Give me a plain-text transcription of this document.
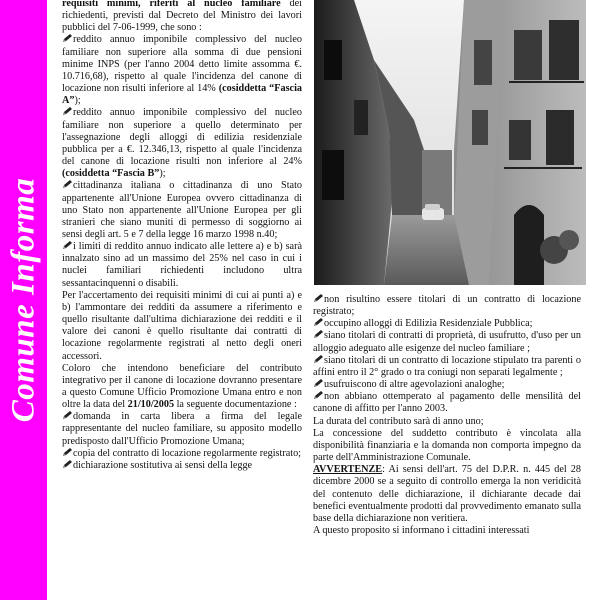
Comune Informa

requisiti minimi, riferiti al nucleo familiare dei richiedenti, previsti dal Decreto del Ministro dei lavori pubblici del 7-06-1999, che sono :

reddito annuo imponibile complessivo del nucleo familiare non superiore alla somma di due pensioni minime INPS (per l'anno 2004 detto limite assomma €. 10.716,68), rispetto al quale l'incidenza del canone di locazione non risulti inferiore al 14% (cosiddetta “Fascia A”);

reddito annuo imponibile complessivo del nucleo familiare non superiore a quello determinato per l'assegnazione degli alloggi di edilizia residenziale pubblica per a €. 12.346,13, rispetto al quale l'incidenza del canone di locazione risulti non inferiore al 24% (cosiddetta “Fascia B”);

cittadinanza italiana o cittadinanza di uno Stato appartenente all'Unione Europea ovvero cittadinanza di uno Stato non appartenente all'Unione Europea per gli stranieri che siano muniti di permesso di soggiorno ai sensi degli art. 5 e 7 della legge 16 marzo 1998 n.40;

i limiti di reddito annuo indicato alle lettere a) e b) sarà innalzato sino ad un massimo del 25% nel caso in cui i nuclei familiari richiedenti includono ultra sessantacinquenni o disabili.

Per l'accertamento dei requisiti minimi di cui ai punti a) e b) l'ammontare dei redditi da assumere a riferimento e quello risultante dall'ultima dichiarazione dei redditi e il valore dei canoni è quello risultante dai contratti di locazione regolarmente registrati al netto degli oneri accessori.

Coloro che intendono beneficiare del contributo integrativo per il canone di locazione dovranno presentare a questo Comune Ufficio Promozione Umana entro e non oltre la data del 21/10/2005 la seguente documentazione :

domanda in carta libera a firma del legale rappresentante del nucleo familiare, su apposito modello predisposto dall'Ufficio Promozione Umana;

copia del contratto di locazione regolarmente registrato;

dichiarazione sostitutiva ai sensi della legge

non risultino essere titolari di un contratto di locazione registrato;

occupino alloggi di Edilizia Residenziale Pubblica;

siano titolari di contratti di proprietà, di usufrutto, d'uso per un alloggio adeguato alle esigenze del nucleo familiare ;

siano titolari di un contratto di locazione stipulato tra parenti o affini entro il 2° grado o tra coniugi non separati legalmente ;

usufruiscono di altre agevolazioni analoghe;

non abbiano ottemperato al pagamento delle mensilità del canone di affitto per l'anno 2003.

La durata del contributo sarà di anno uno;

La concessione del suddetto contributo è vincolata alla disponibilità finanziaria e la domanda non comporta impegno da parte dell'Amministrazione Comunale.

AVVERTENZE: Ai sensi dell'art. 75 del D.P.R. n. 445 del 28 dicembre 2000 se a seguito di controllo emerga la non veridicità del contenuto delle dichiarazione, il dichiarante decade dai benefici eventualmente prodotti dal provvedimento emanato sulla base della dichiarazione non veritiera.

A questo proposito si informano i cittadini interessati
